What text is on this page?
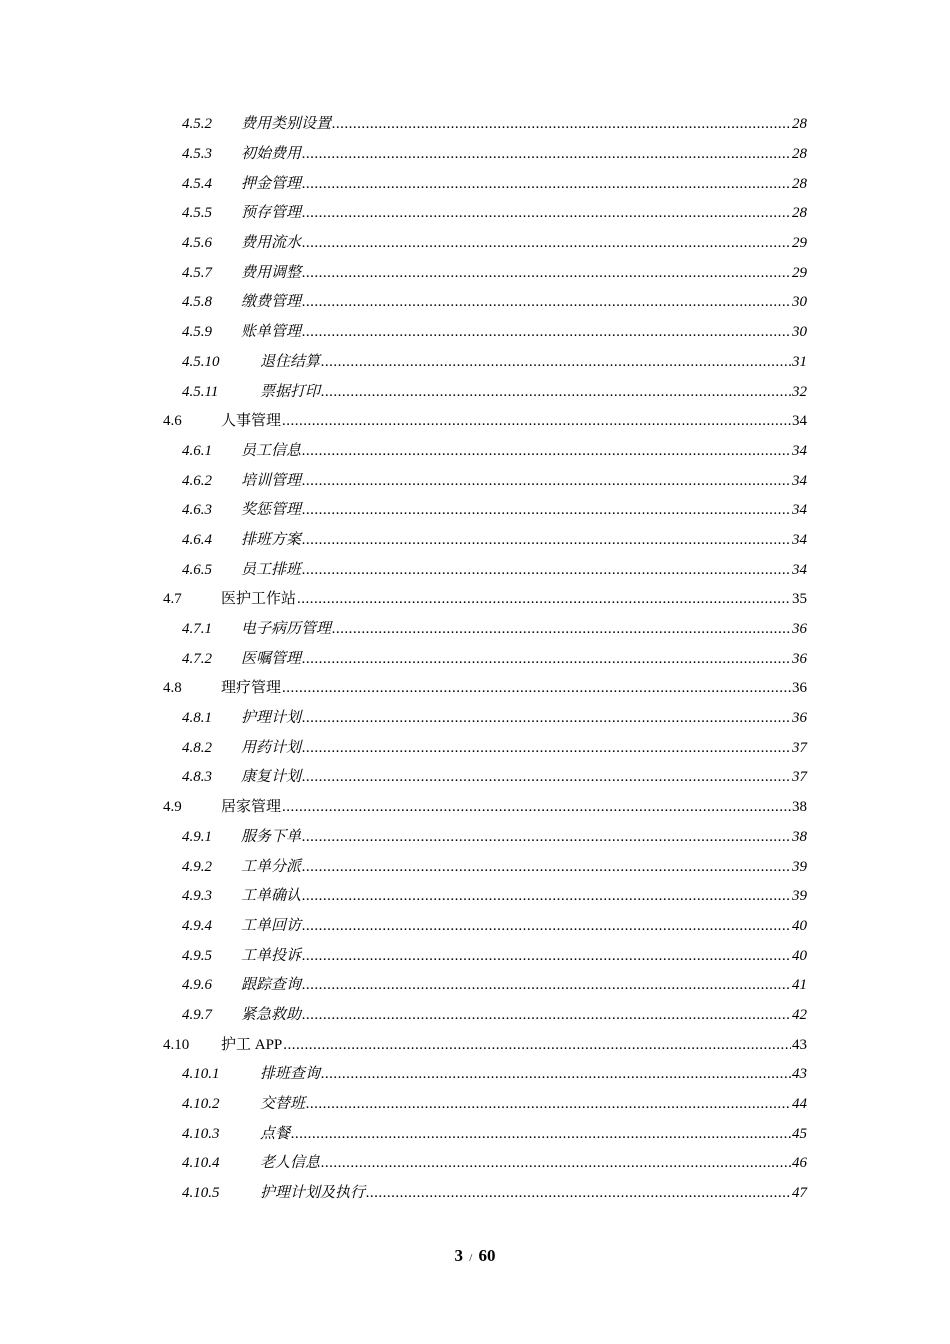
4.5.2 费用类别设置 .....	28
4.5.3 初始费用 .....	28
4.5.4 押金管理 .....	28
4.5.5 预存管理 .....	28
4.5.6 费用流水 .....	29
4.5.7 费用调整 .....	29
4.5.8 缴费管理 .....	30
4.5.9 账单管理 .....	30
4.5.10	退住结算 .....	31
4.5.11	票据打印 .....	32
4.6	人事管理 .....	34
4.6.1 员工信息 .....	34
4.6.2 培训管理 .....	34
4.6.3 奖惩管理 .....	34
4.6.4 排班方案 .....	34
4.6.5 员工排班 .....	34
4.7	医护工作站 .....	35
4.7.1 电子病历管理 .....	36
4.7.2 医嘱管理 .....	36
4.8	理疗管理 .....	36
4.8.1 护理计划 .....	36
4.8.2 用药计划 .....	37
4.8.3 康复计划 .....	37
4.9	居家管理 .....	38
4.9.1 服务下单 .....	38
4.9.2 工单分派 .....	39
4.9.3 工单确认 .....	39
4.9.4 工单回访 .....	40
4.9.5 工单投诉 .....	40
4.9.6 跟踪查询 .....	41
4.9.7 紧急救助 .....	42
4.10 护工 APP .....	43
4.10.1	排班查询 .....	43
4.10.2	交替班 .....	44
4.10.3	点餐 .....	45
4.10.4	老人信息 .....	46
4.10.5	护理计划及执行 .....	47
3 / 60
